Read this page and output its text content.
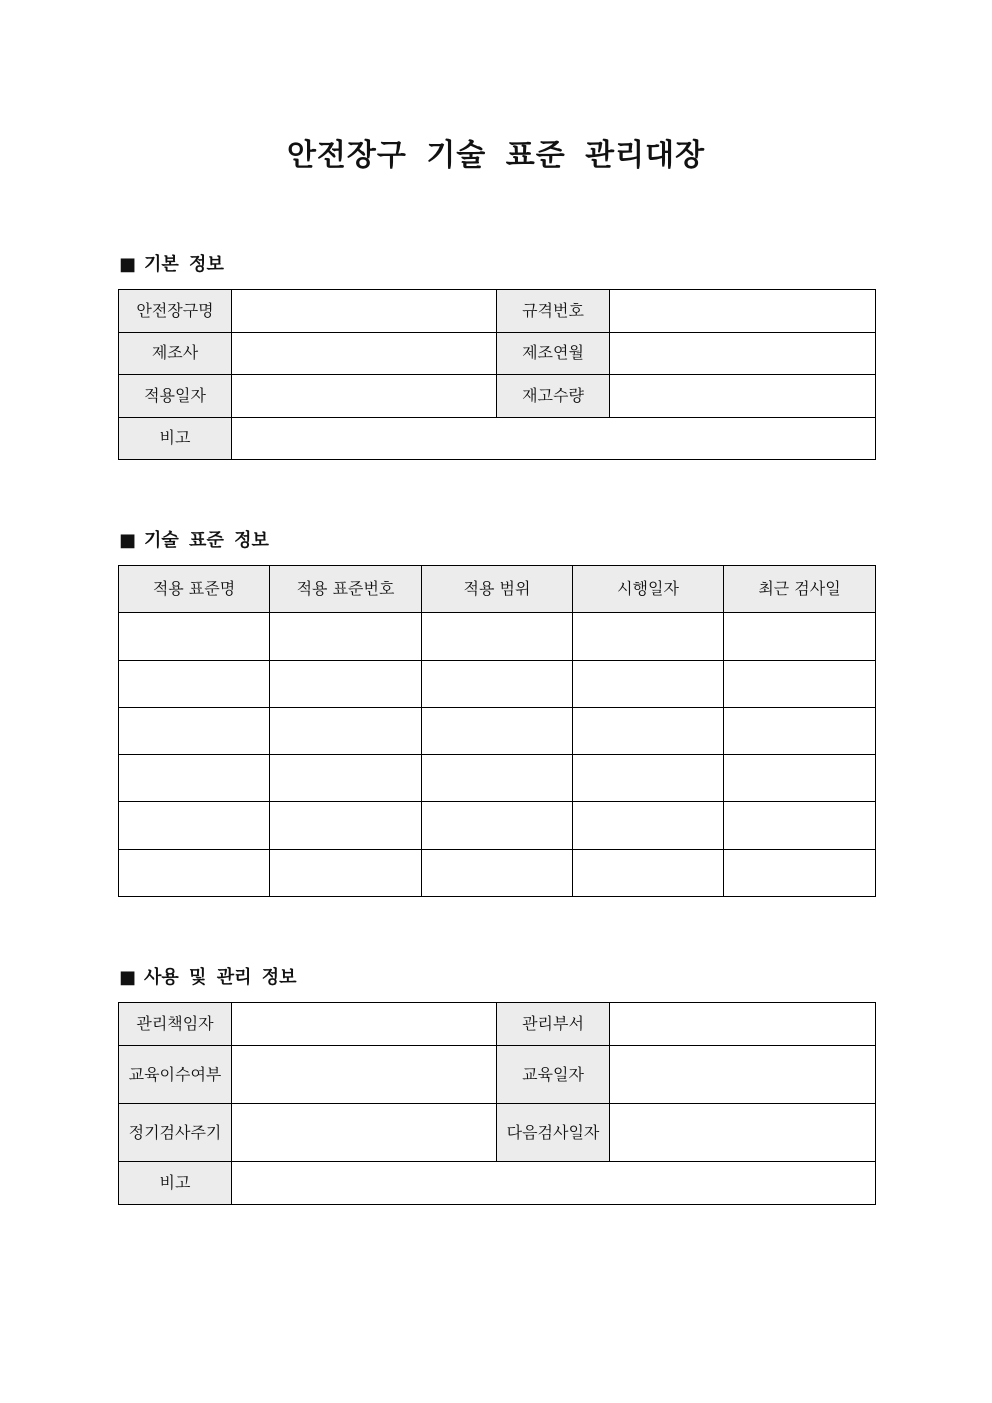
안전장구 기술 표준 관리대장
■ 기본 정보
안전장구명		규격번호	
제조사		제조연월	
적용일자		재고수량	
비고			
■ 기술 표준 정보
적용 표준명	적용 표준번호	적용 범위	시행일자	최근 검사일

■ 사용 및 관리 정보
관리책임자		관리부서	
교육이수여부		교육일자	
정기검사주기		다음검사일자	
비고			
